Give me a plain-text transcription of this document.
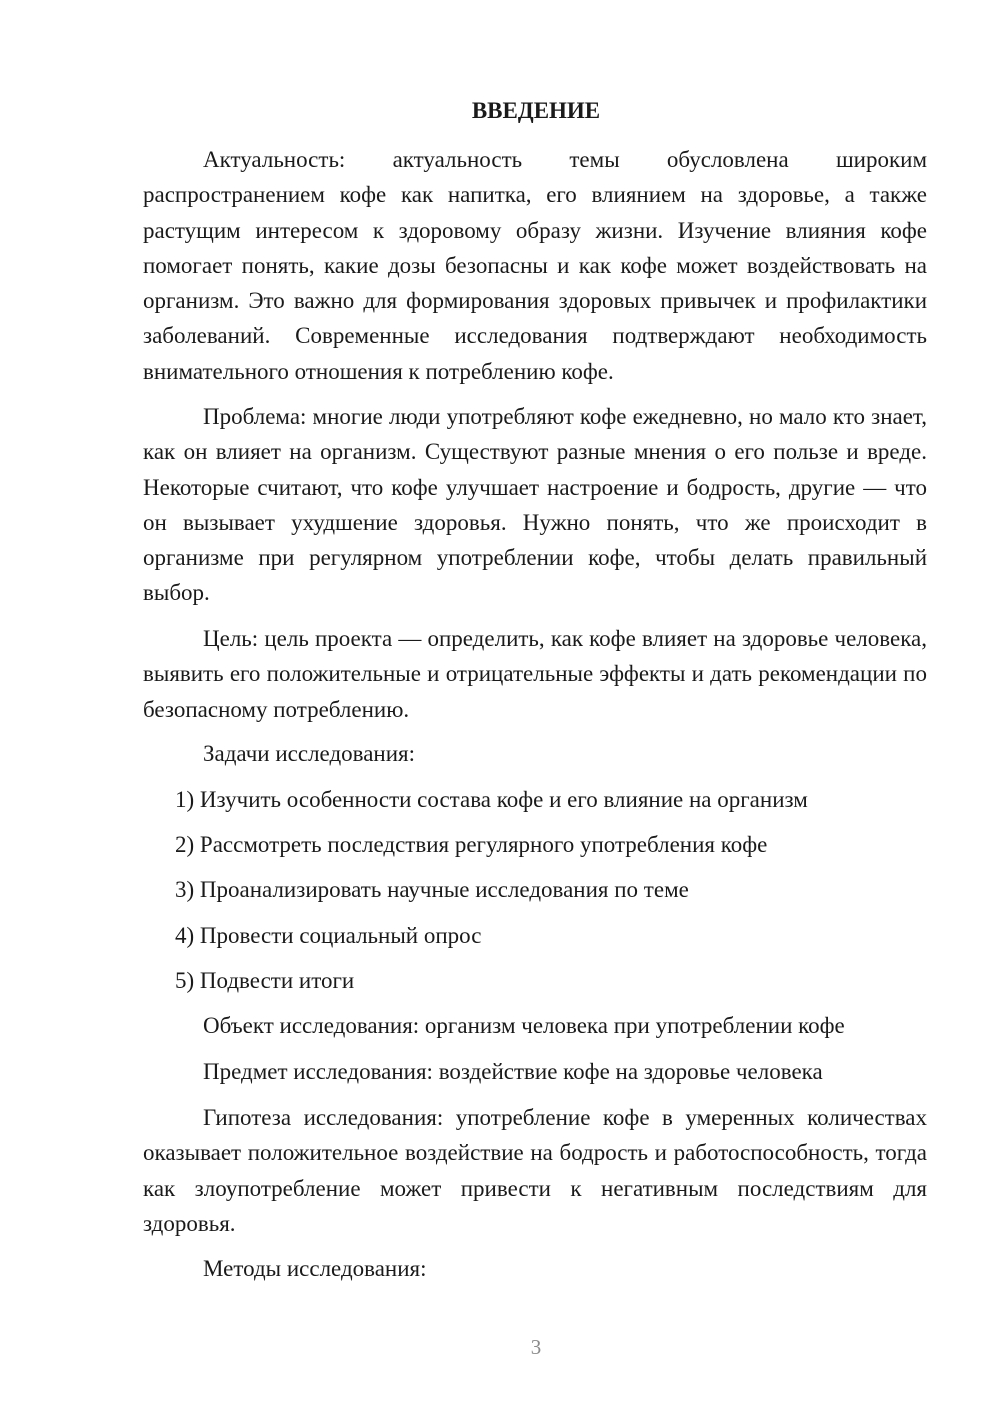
ВВЕДЕНИЕ

Актуальность: актуальность темы обусловлена широким распространением кофе как напитка, его влиянием на здоровье, а также растущим интересом к здоровому образу жизни. Изучение влияния кофе помогает понять, какие дозы безопасны и как кофе может воздействовать на организм. Это важно для формирования здоровых привычек и профилактики заболеваний. Современные исследования подтверждают необходимость внимательного отношения к потреблению кофе.

Проблема: многие люди употребляют кофе ежедневно, но мало кто знает, как он влияет на организм. Существуют разные мнения о его пользе и вреде. Некоторые считают, что кофе улучшает настроение и бодрость, другие — что он вызывает ухудшение здоровья. Нужно понять, что же происходит в организме при регулярном употреблении кофе, чтобы делать правильный выбор.

Цель: цель проекта — определить, как кофе влияет на здоровье человека, выявить его положительные и отрицательные эффекты и дать рекомендации по безопасному потреблению.

Задачи исследования:

1) Изучить особенности состава кофе и его влияние на организм

2) Рассмотреть последствия регулярного употребления кофе

3) Проанализировать научные исследования по теме

4) Провести социальный опрос

5) Подвести итоги

Объект исследования: организм человека при употреблении кофе

Предмет исследования: воздействие кофе на здоровье человека

Гипотеза исследования: употребление кофе в умеренных количествах оказывает положительное воздействие на бодрость и работоспособность, тогда как злоупотребление может привести к негативным последствиям для здоровья.

Методы исследования:

3
